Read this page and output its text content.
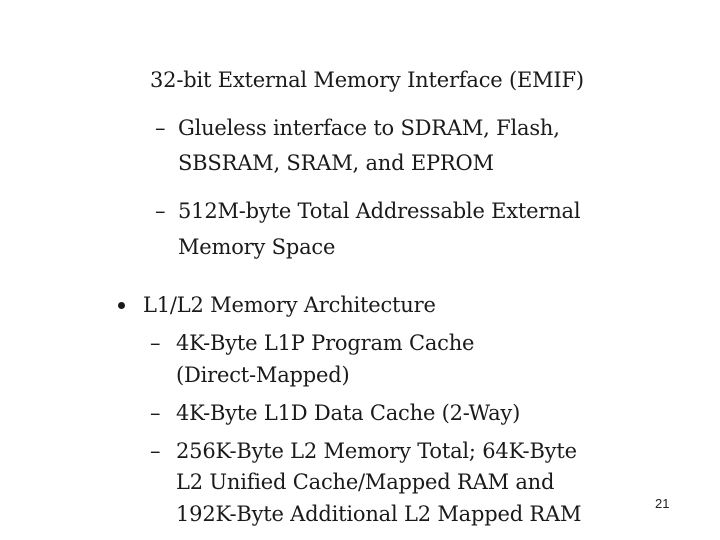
32-bit External Memory Interface (EMIF)
– Glueless interface to SDRAM, Flash,
SBSRAM, SRAM, and EPROM
– 512M-byte Total Addressable External
Memory Space
L1/L2 Memory Architecture
– 4K-Byte L1P Program Cache
(Direct-Mapped)
– 4K-Byte L1D Data Cache (2-Way)
– 256K-Byte L2 Memory Total; 64K-Byte
L2 Unified Cache/Mapped RAM and
192K-Byte Additional L2 Mapped RAM	21
